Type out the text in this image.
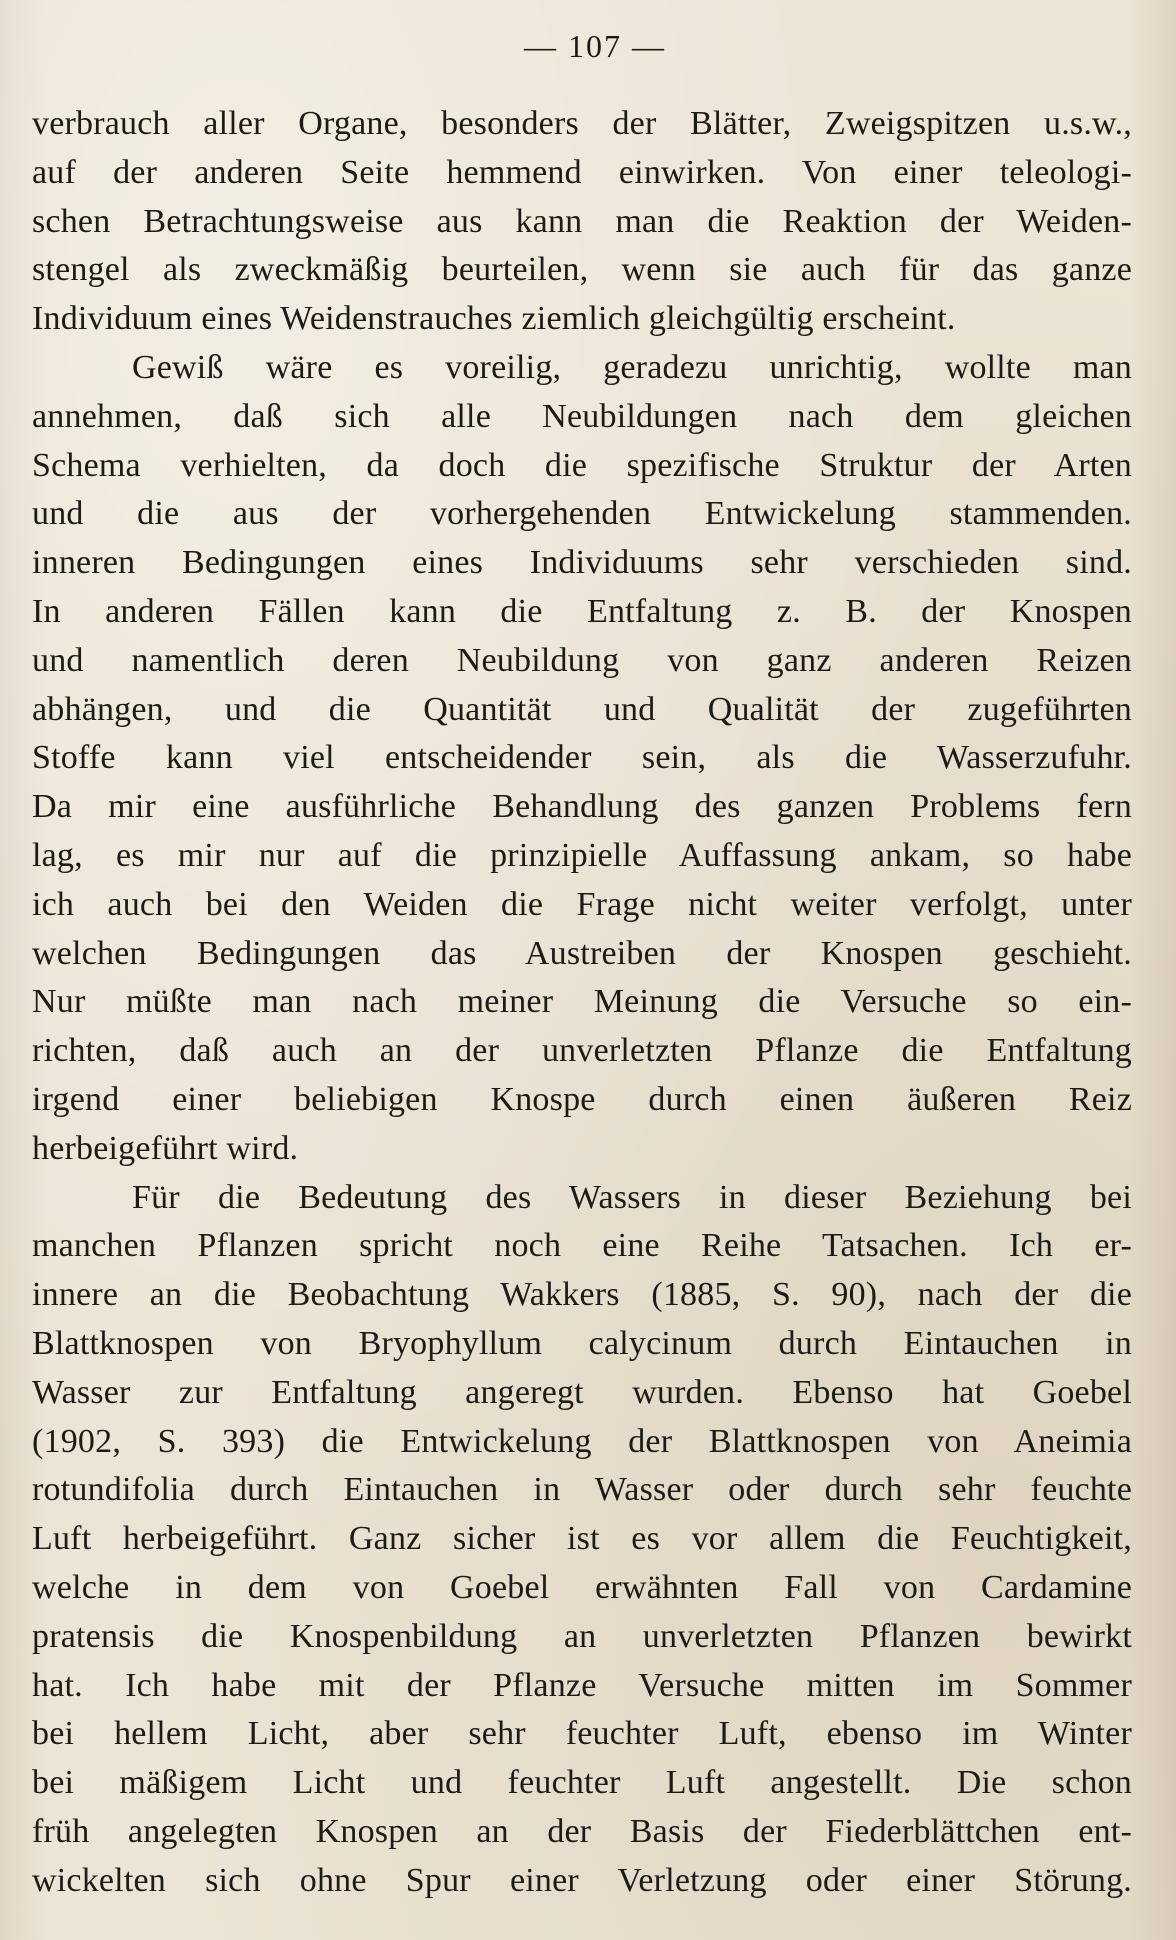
— 107 —
verbrauch aller Organe, besonders der Blätter, Zweigspitzen u.s.w.,
auf der anderen Seite hemmend einwirken. Von einer teleologi-
schen Betrachtungsweise aus kann man die Reaktion der Weiden-
stengel als zweckmäßig beurteilen, wenn sie auch für das ganze
Individuum eines Weidenstrauches ziemlich gleichgültig erscheint.
Gewiß wäre es voreilig, geradezu unrichtig, wollte man
annehmen, daß sich alle Neubildungen nach dem gleichen
Schema verhielten, da doch die spezifische Struktur der Arten
und die aus der vorhergehenden Entwickelung stammenden.
inneren Bedingungen eines Individuums sehr verschieden sind.
In anderen Fällen kann die Entfaltung z. B. der Knospen
und namentlich deren Neubildung von ganz anderen Reizen
abhängen, und die Quantität und Qualität der zugeführten
Stoffe kann viel entscheidender sein, als die Wasserzufuhr.
Da mir eine ausführliche Behandlung des ganzen Problems fern
lag, es mir nur auf die prinzipielle Auffassung ankam, so habe
ich auch bei den Weiden die Frage nicht weiter verfolgt, unter
welchen Bedingungen das Austreiben der Knospen geschieht.
Nur müßte man nach meiner Meinung die Versuche so ein-
richten, daß auch an der unverletzten Pflanze die Entfaltung
irgend einer beliebigen Knospe durch einen äußeren Reiz
herbeigeführt wird.
Für die Bedeutung des Wassers in dieser Beziehung bei
manchen Pflanzen spricht noch eine Reihe Tatsachen. Ich er-
innere an die Beobachtung Wakkers (1885, S. 90), nach der die
Blattknospen von Bryophyllum calycinum durch Eintauchen in
Wasser zur Entfaltung angeregt wurden. Ebenso hat Goebel
(1902, S. 393) die Entwickelung der Blattknospen von Aneimia
rotundifolia durch Eintauchen in Wasser oder durch sehr feuchte
Luft herbeigeführt. Ganz sicher ist es vor allem die Feuchtigkeit,
welche in dem von Goebel erwähnten Fall von Cardamine
pratensis die Knospenbildung an unverletzten Pflanzen bewirkt
hat. Ich habe mit der Pflanze Versuche mitten im Sommer
bei hellem Licht, aber sehr feuchter Luft, ebenso im Winter
bei mäßigem Licht und feuchter Luft angestellt. Die schon
früh angelegten Knospen an der Basis der Fiederblättchen ent-
wickelten sich ohne Spur einer Verletzung oder einer Störung.
